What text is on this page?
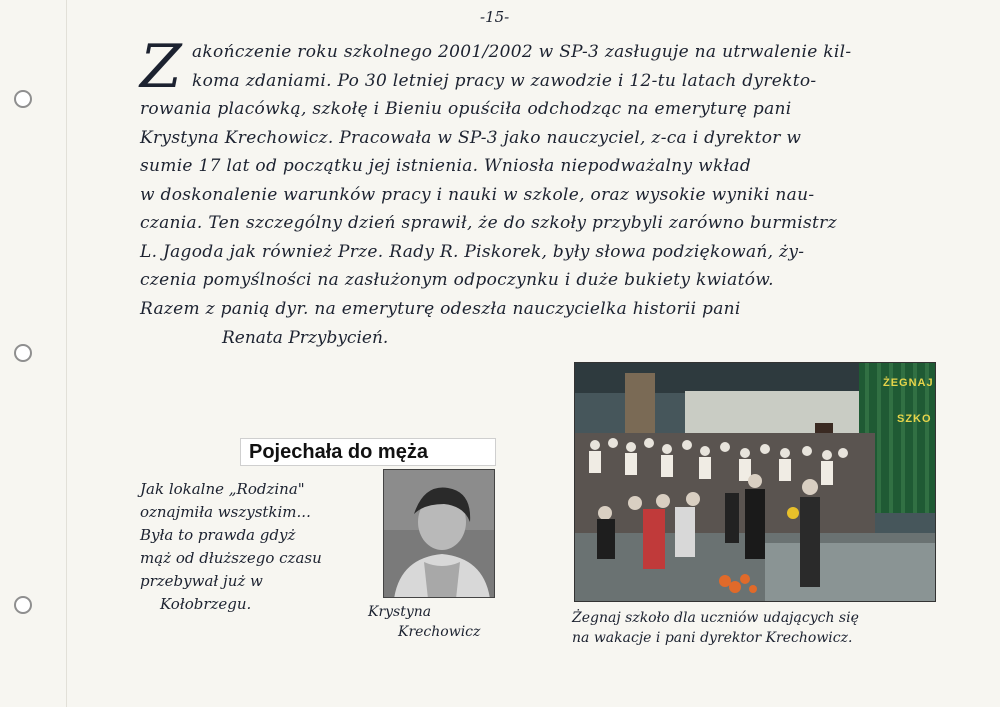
-15-
Z akończenie roku szkolnego 2001/2002 w SP-3 zasługuje na utrwalenie kil-
koma zdaniami. Po 30 letniej pracy w zawodzie i 12-tu latach dyrekto-
rowania placówką, szkołę i Bieniu opuściła odchodząc na emeryturę pani
Krystyna Krechowicz. Pracowała w SP-3 jako nauczyciel, z-ca i dyrektor w
sumie 17 lat od początku jej istnienia. Wniosła niepodważalny wkład
w doskonalenie warunków pracy i nauki w szkole, oraz wysokie wyniki nau-
czania. Ten szczególny dzień sprawił, że do szkoły przybyli zarówno burmistrz
L. Jagoda jak również Prze. Rady R. Piskorek, były słowa podziękowań, ży-
czenia pomyślności na zasłużonym odpoczynku i duże bukiety kwiatów.
Razem z panią dyr. na emeryturę odeszła nauczycielka historii pani
Renata Przybycień.
Pojechała do męża
Jak lokalne „Rodzina"
oznajmiła wszystkim...
Była to prawda gdyż
mąż od dłuższego czasu
przebywał już w
Kołobrzegu.	Krystyna
Krechowicz
ŻEGNAJ
SZKO
Żegnaj szkoło dla uczniów udających się
na wakacje i pani dyrektor Krechowicz.
